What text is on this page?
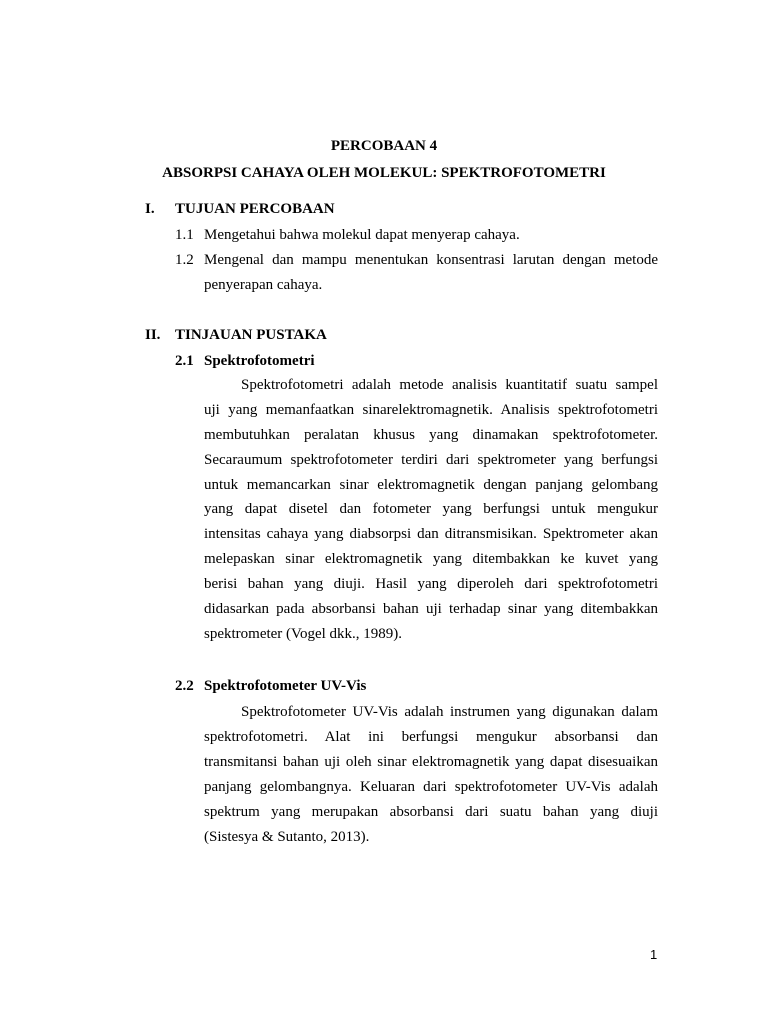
PERCOBAAN 4
ABSORPSI CAHAYA OLEH MOLEKUL: SPEKTROFOTOMETRI
I. TUJUAN PERCOBAAN
1.1 Mengetahui bahwa molekul dapat menyerap cahaya.
1.2 Mengenal dan mampu menentukan konsentrasi larutan dengan metode
penyerapan cahaya.
II. TINJAUAN PUSTAKA
2.1 Spektrofotometri
Spektrofotometri adalah metode analisis kuantitatif suatu sampel
uji yang memanfaatkan sinarelektromagnetik. Analisis spektrofotometri
membutuhkan peralatan khusus yang dinamakan spektrofotometer.
Secaraumum spektrofotometer terdiri dari spektrometer yang berfungsi
untuk memancarkan sinar elektromagnetik dengan panjang gelombang
yang dapat disetel dan fotometer yang berfungsi untuk mengukur
intensitas cahaya yang diabsorpsi dan ditransmisikan. Spektrometer akan
melepaskan sinar elektromagnetik yang ditembakkan ke kuvet yang
berisi bahan yang diuji. Hasil yang diperoleh dari spektrofotometri
didasarkan pada absorbansi bahan uji terhadap sinar yang ditembakkan
spektrometer (Vogel dkk., 1989).
2.2 Spektrofotometer UV-Vis
Spektrofotometer UV-Vis adalah instrumen yang digunakan dalam
spektrofotometri. Alat ini berfungsi mengukur absorbansi dan
transmitansi bahan uji oleh sinar elektromagnetik yang dapat disesuaikan
panjang gelombangnya. Keluaran dari spektrofotometer UV-Vis adalah
spektrum yang merupakan absorbansi dari suatu bahan yang diuji
(Sistesya & Sutanto, 2013).
1
